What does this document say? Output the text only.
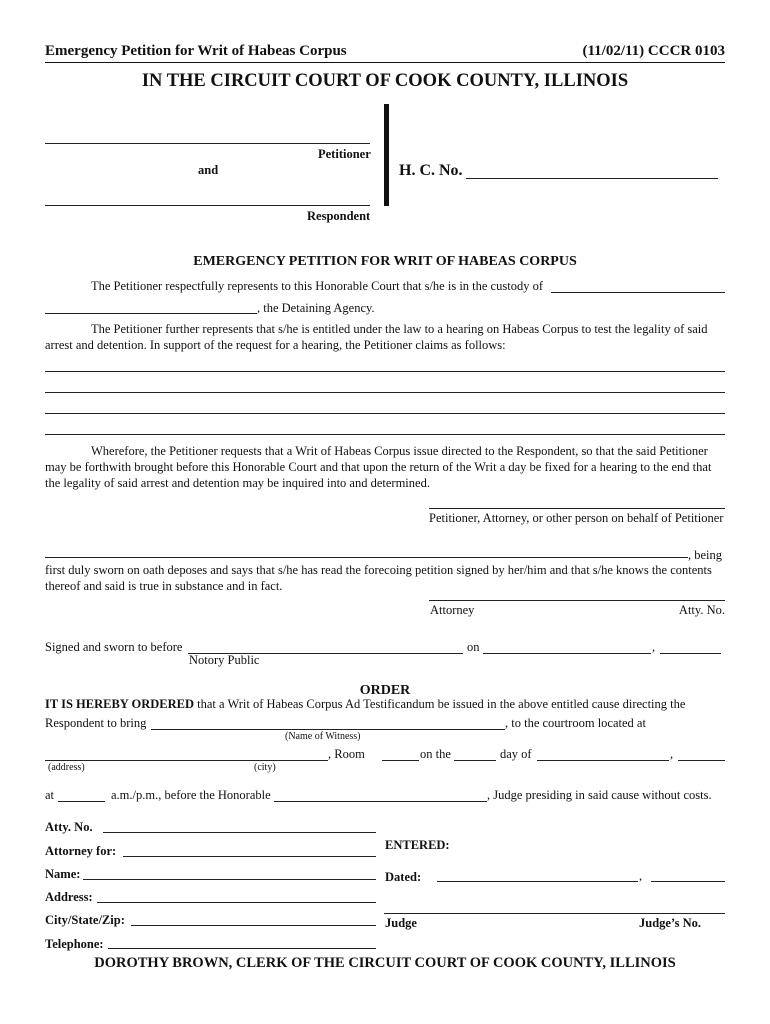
Emergency Petition for Writ of Habeas Corpus	(11/02/11) CCCR 0103
IN THE CIRCUIT COURT OF COOK COUNTY, ILLINOIS
Petitioner
and
Respondent
H. C. No.
EMERGENCY PETITION FOR WRIT OF HABEAS CORPUS
The Petitioner respectfully represents to this Honorable Court that s/he is in the custody of
, the Detaining Agency.
The Petitioner further represents that s/he is entitled under the law to a hearing on Habeas Corpus to test the legality of said arrest and detention. In support of the request for a hearing, the Petitioner claims as follows:
Wherefore, the Petitioner requests that a Writ of Habeas Corpus issue directed to the Respondent, so that the said Petitioner may be forthwith brought before this Honorable Court and that upon the return of the Writ a day be fixed for a hearing to the end that the legality of said arrest and detention may be inquired into and determined.
Petitioner, Attorney, or other person on behalf of Petitioner
, being
first duly sworn on oath deposes and says that s/he has read the forecoing petition signed by her/him and that s/he knows the contents thereof and said is true in substance and in fact.
Attorney	Atty. No.
Signed and sworn to before	on	,
Notory Public
ORDER
IT IS HEREBY ORDERED that a Writ of Habeas Corpus Ad Testificandum be issued in the above entitled cause directing the
Respondent to bring	, to the courtroom located at
(Name of Witness)
, Room	on the	day of	,
(address)	(city)
at	a.m./p.m., before the Honorable	, Judge presiding in said cause without costs.
Atty. No.
Attorney for:
Name:
Address:
City/State/Zip:
Telephone:
ENTERED:
Dated:	,
Judge	Judge’s No.
DOROTHY BROWN, CLERK OF THE CIRCUIT COURT OF COOK COUNTY, ILLINOIS
